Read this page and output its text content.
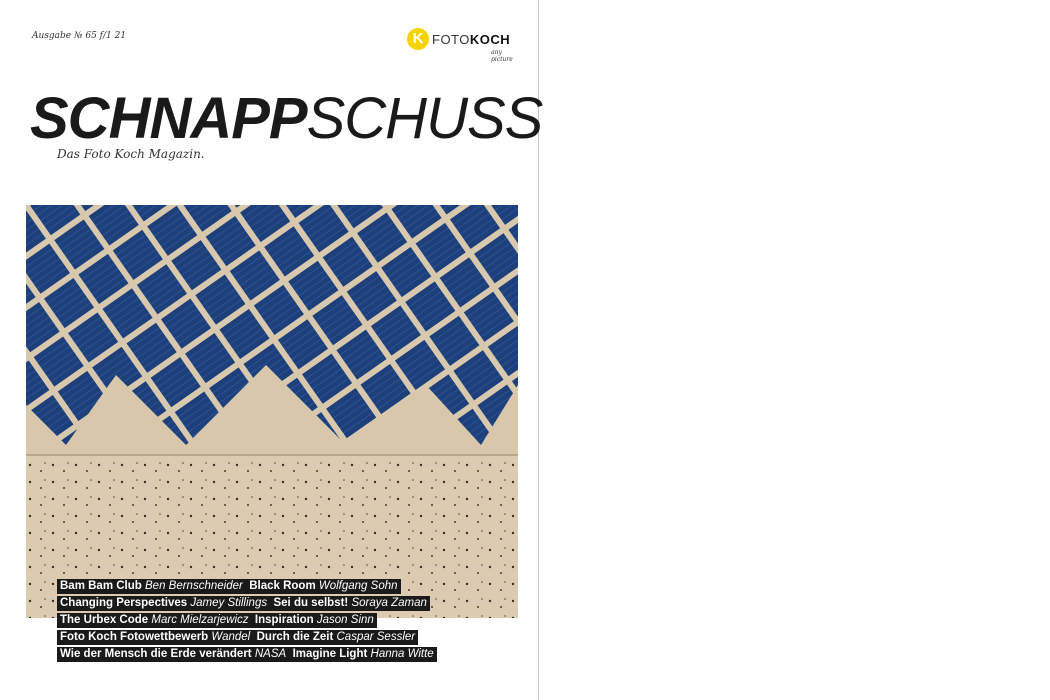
Ausgabe № 65 f/1 21	K FOTOKOCH
any picture
SCHNAPPSCHUSS
Das Foto Koch Magazin.
Bam Bam Club Ben Bernschneider Black Room Wolfgang Sohn
Changing Perspectives Jamey Stillings Sei du selbst! Soraya Zaman
The Urbex Code Marc Mielzarjewicz Inspiration Jason Sinn
Foto Koch Fotowettbewerb Wandel Durch die Zeit Caspar Sessler
Wie der Mensch die Erde verändert NASA Imagine Light Hanna Witte
